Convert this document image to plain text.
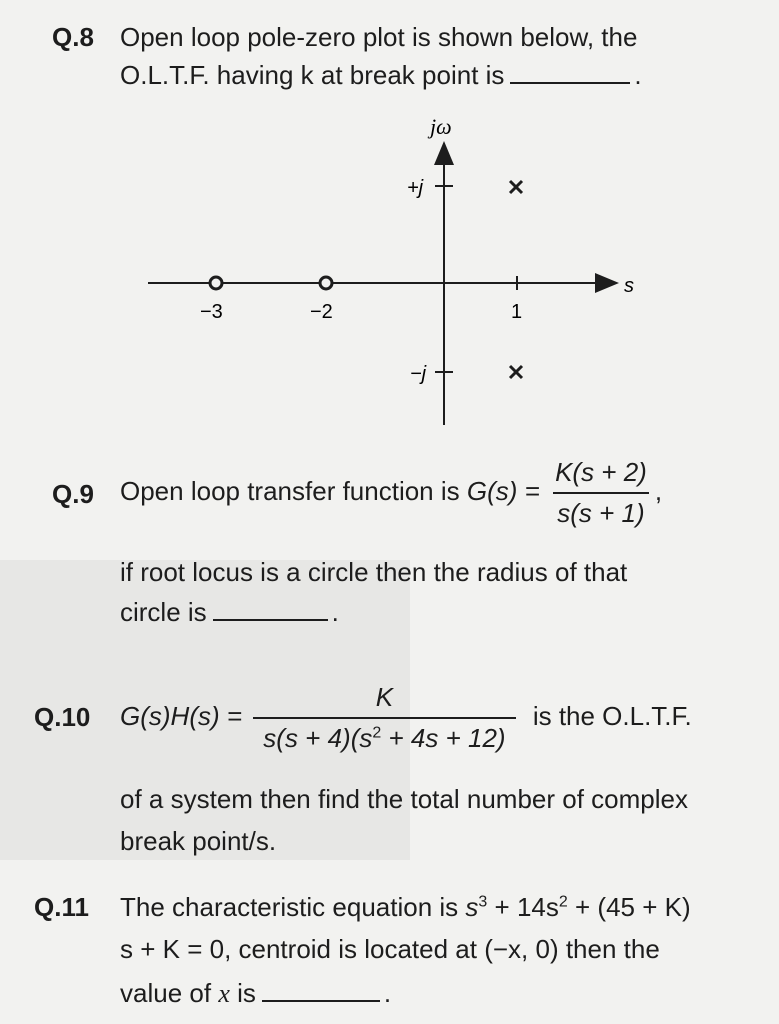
Q.8 Open loop pole-zero plot is shown below, the
O.L.T.F. having k at break point is	.
jω
s
+j
−j
−3	−2	1
Q.9 Open loop transfer function is $G(s) = \frac{K(s + 2)}{s(s + 1)}$ ,
if root locus is a circle then the radius of that
circle is	.
Q.10 $G(s)H(s) = \frac{K}{s(s + 4)(s^2 + 4s + 12)}$ is the O.L.T.F.
of a system then find the total number of complex
break point/s.
Q.11 The characteristic equation is $s^3 + 14s^2 + (45 + K)$
s + K = 0, centroid is located at (−x, 0) then the
value of x is	.
